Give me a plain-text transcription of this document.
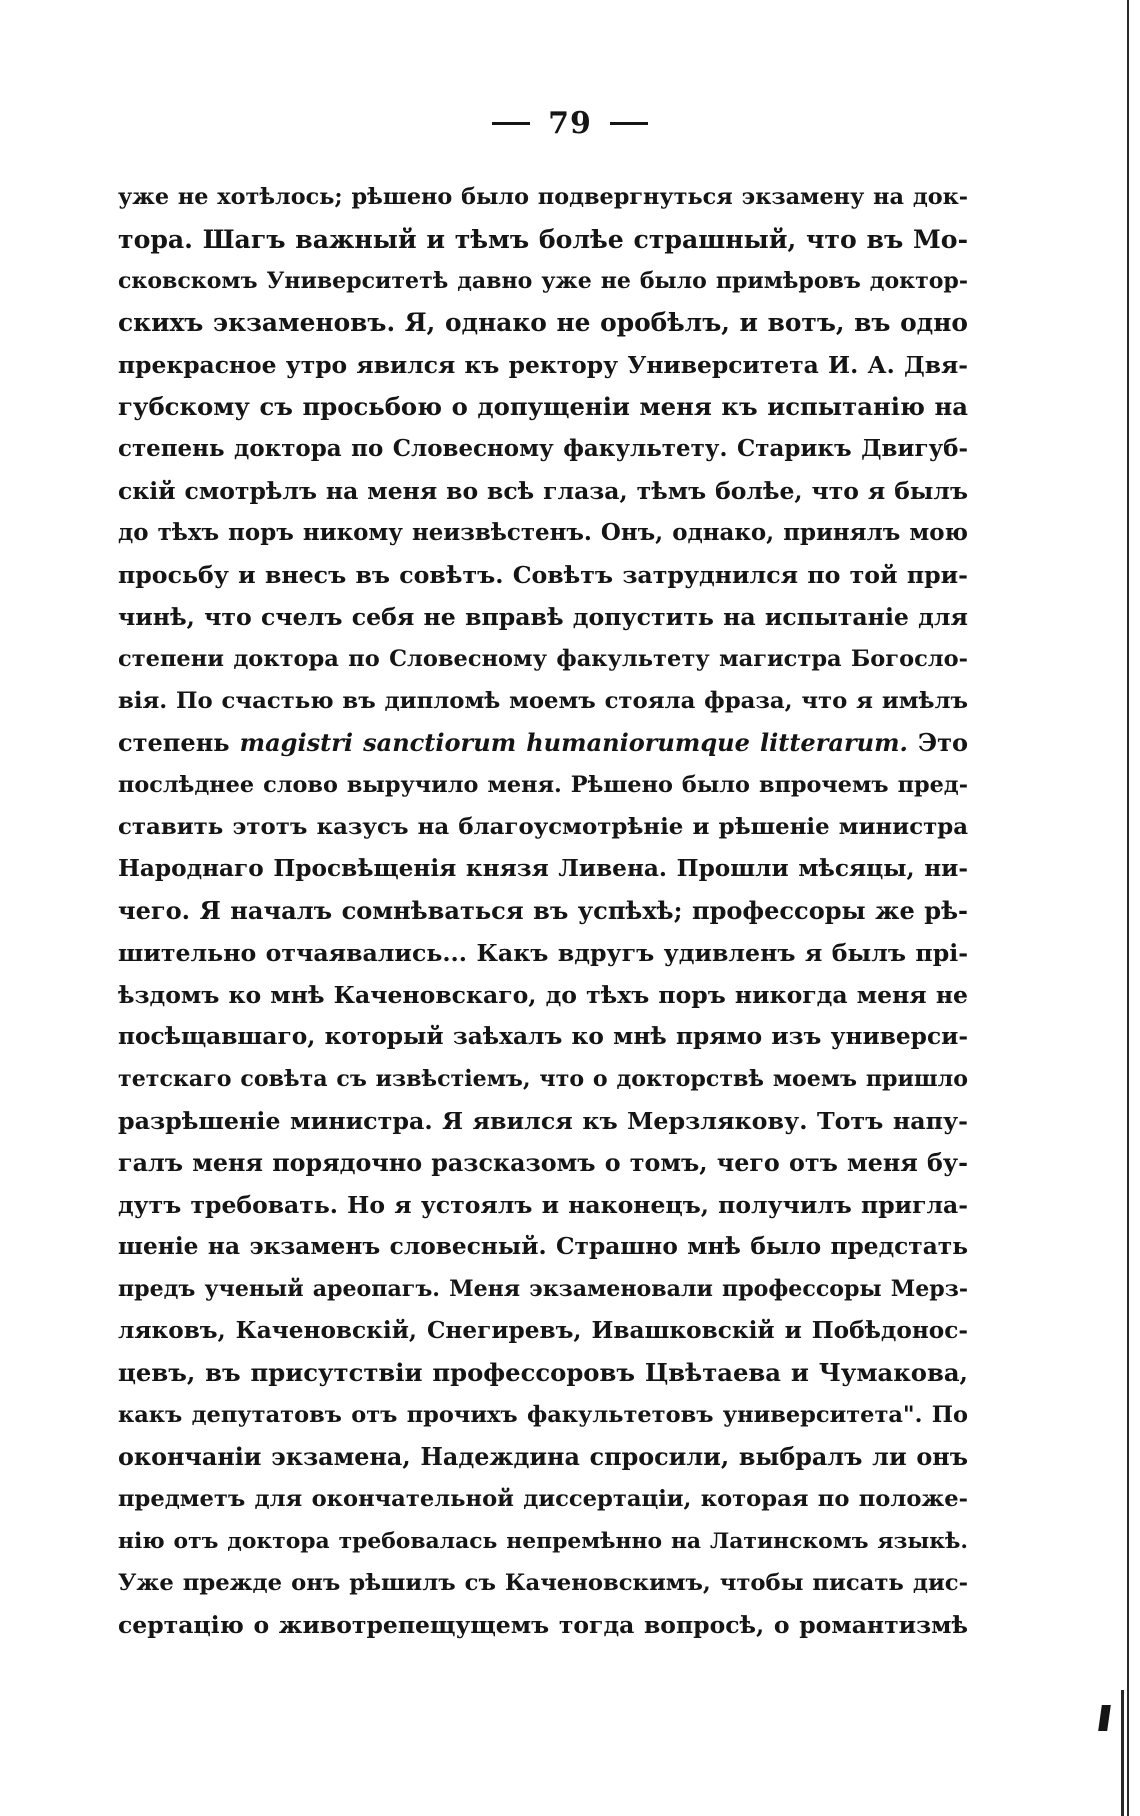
79
уже не хотѣлось; рѣшено было подвергнуться экзамену на док-
тора. Шагъ важный и тѣмъ болѣе страшный, что въ Мо-
сковскомъ Университетѣ давно уже не было примѣровъ доктор-
скихъ экзаменовъ. Я, однако не оробѣлъ, и вотъ, въ одно
прекрасное утро явился къ ректору Университета И. А. Двя-
губскому съ просьбою о допущеніи меня къ испытанію на
степень доктора по Словесному факультету. Старикъ Двигуб-
скій смотрѣлъ на меня во всѣ глаза, тѣмъ болѣе, что я былъ
до тѣхъ поръ никому неизвѣстенъ. Онъ, однако, принялъ мою
просьбу и внесъ въ совѣтъ. Совѣтъ затруднился по той при-
чинѣ, что счелъ себя не вправѣ допустить на испытаніе для
степени доктора по Словесному факультету магистра Богосло-
вія. По счастью въ дипломѣ моемъ стояла фраза, что я имѣлъ
степень magistri sanctiorum humaniorumque litterarum. Это
послѣднее слово выручило меня. Рѣшено было впрочемъ пред-
ставить этотъ казусъ на благоусмотрѣніе и рѣшеніе министра
Народнаго Просвѣщенія князя Ливена. Прошли мѣсяцы, ни-
чего. Я началъ сомнѣваться въ успѣхѣ; профессоры же рѣ-
шительно отчаявались... Какъ вдругъ удивленъ я былъ прі-
ѣздомъ ко мнѣ Каченовскаго, до тѣхъ поръ никогда меня не
посѣщавшаго, который заѣхалъ ко мнѣ прямо изъ универси-
тетскаго совѣта съ извѣстіемъ, что о докторствѣ моемъ пришло
разрѣшеніе министра. Я явился къ Мерзлякову. Тотъ напу-
галъ меня порядочно разсказомъ о томъ, чего отъ меня бу-
дутъ требовать. Но я устоялъ и наконецъ, получилъ пригла-
шеніе на экзаменъ словесный. Страшно мнѣ было предстать
предъ ученый ареопагъ. Меня экзаменовали профессоры Мерз-
ляковъ, Каченовскій, Снегиревъ, Ивашковскій и Побѣдонос-
цевъ, въ присутствіи профессоровъ Цвѣтаева и Чумакова,
какъ депутатовъ отъ прочихъ факультетовъ университета". По
окончаніи экзамена, Надеждина спросили, выбралъ ли онъ
предметъ для окончательной диссертаціи, которая по положе-
нію отъ доктора требовалась непремѣнно на Латинскомъ языкѣ.
Уже прежде онъ рѣшилъ съ Каченовскимъ, чтобы писать дис-
сертацію о животрепещущемъ тогда вопросѣ, о романтизмѣ
